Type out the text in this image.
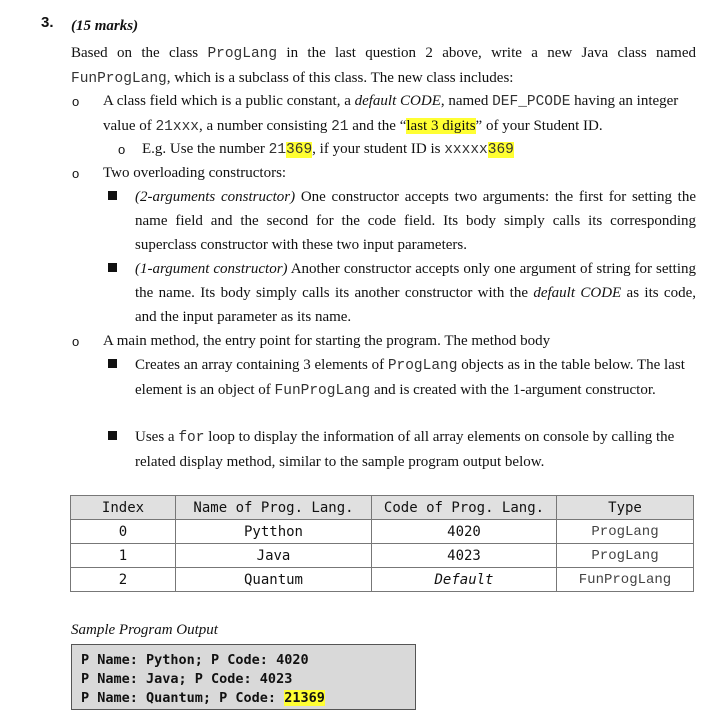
3. (15 marks)
Based on the class ProgLang in the last question 2 above, write a new Java class named FunProgLang, which is a subclass of this class. The new class includes:
o A class field which is a public constant, a default CODE, named DEF_PCODE having an integer value of 21xxx, a number consisting 21 and the “last 3 digits” of your Student ID.
o E.g. Use the number 21369, if your student ID is xxxxx369
o Two overloading constructors:
(2-arguments constructor) One constructor accepts two arguments: the first for setting the name field and the second for the code field. Its body simply calls its corresponding superclass constructor with these two input parameters.
(1-argument constructor) Another constructor accepts only one argument of string for setting the name. Its body simply calls its another constructor with the default CODE as its code, and the input parameter as its name.
o A main method, the entry point for starting the program. The method body
Creates an array containing 3 elements of ProgLang objects as in the table below. The last element is an object of FunProgLang and is created with the 1-argument constructor.
Uses a for loop to display the information of all array elements on console by calling the related display method, similar to the sample program output below.
Index	Name of Prog. Lang.	Code of Prog. Lang.	Type
0	Pytthon	4020	ProgLang
1	Java	4023	ProgLang
2	Quantum	Default	FunProgLang
Sample Program Output
P Name: Python; P Code: 4020
P Name: Java; P Code: 4023
P Name: Quantum; P Code: 21369
